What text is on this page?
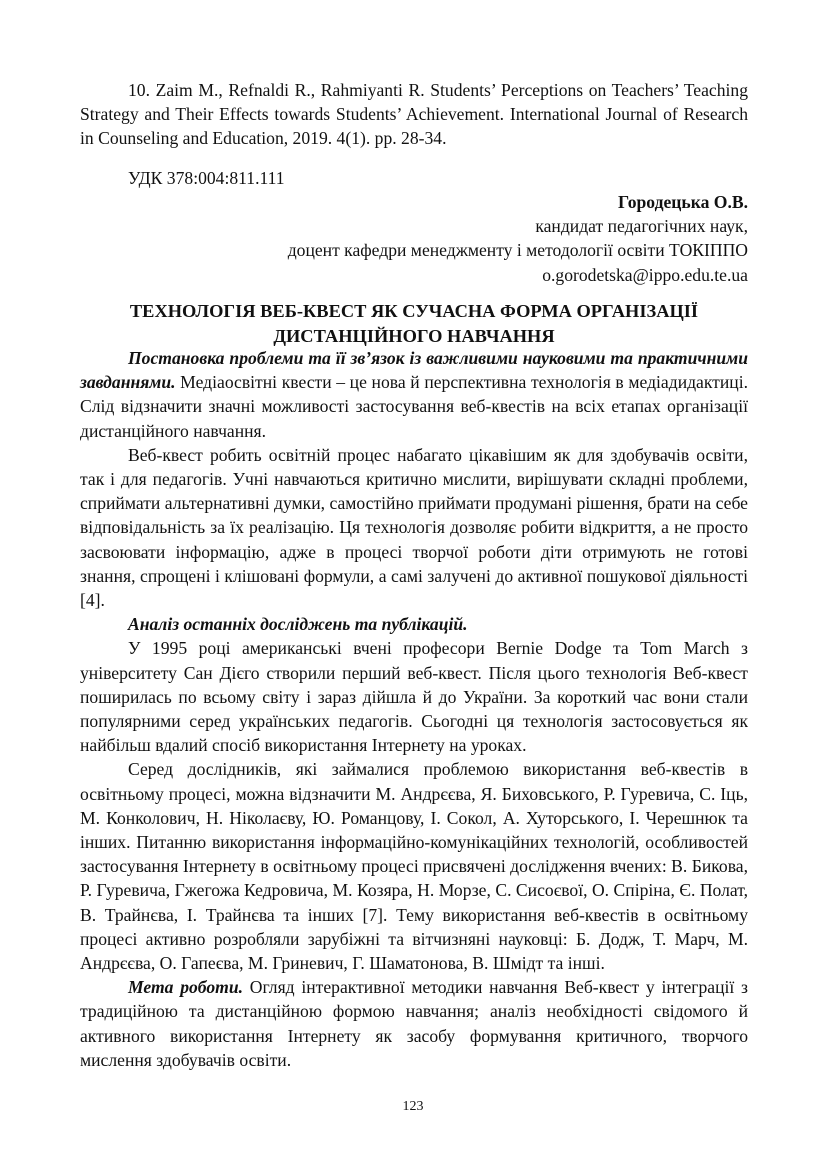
10. Zaim M., Refnaldi R., Rahmiyanti R. Students’ Perceptions on Teachers’ Teaching Strategy and Their Effects towards Students’ Achievement. International Journal of Research in Counseling and Education, 2019. 4(1). pp. 28-34.

УДК 378:004:811.111

Городецька О.В.
кандидат педагогічних наук,
доцент кафедри менеджменту і методології освіти ТОКІППО
o.gorodetska@ippo.edu.te.ua
ТЕХНОЛОГІЯ ВЕБ-КВЕСТ ЯК СУЧАСНА ФОРМА ОРГАНІЗАЦІЇ
ДИСТАНЦІЙНОГО НАВЧАННЯ

Постановка проблеми та її зв’язок із важливими науковими та практичними завданнями. Медіаосвітні квести – це нова й перспективна технологія в медіадидактиці. Слід відзначити значні можливості застосування веб-квестів на всіх етапах організації дистанційного навчання.

Веб-квест робить освітній процес набагато цікавішим як для здобувачів освіти, так і для педагогів. Учні навчаються критично мислити, вирішувати складні проблеми, сприймати альтернативні думки, самостійно приймати продумані рішення, брати на себе відповідальність за їх реалізацію. Ця технологія дозволяє робити відкриття, а не просто засвоювати інформацію, адже в процесі творчої роботи діти отримують не готові знання, спрощені і клішовані формули, а самі залучені до активної пошукової діяльності [4].

Аналіз останніх досліджень та публікацій.

У 1995 році американські вчені професори Bernie Dodge та Tom March з університету Сан Дієго створили перший веб-квест. Після цього технологія Веб-квест поширилась по всьому світу і зараз дійшла й до України. За короткий час вони стали популярними серед українських педагогів. Сьогодні ця технологія застосовується як найбільш вдалий спосіб використання Інтернету на уроках.

Серед дослідників, які займалися проблемою використання веб-квестів в освітньому процесі, можна відзначити М. Андрєєва, Я. Биховського, Р. Гуревича, С. Іць, М. Конколович, Н. Ніколаєву, Ю. Романцову, І. Сокол, А. Хуторського, І. Черешнюк та інших. Питанню використання інформаційно-комунікаційних технологій, особливостей застосування Інтернету в освітньому процесі присвячені дослідження вчених: В. Бикова, Р. Гуревича, Гжегожа Кедровича, М. Козяра, Н. Морзе, С. Сисоєвої, О. Спіріна, Є. Полат, В. Трайнєва, І. Трайнєва та інших [7]. Тему використання веб-квестів в освітньому процесі активно розробляли зарубіжні та вітчизняні науковці: Б. Додж, Т. Марч, М. Андрєєва, О. Гапеєва, М. Гриневич, Г. Шаматонова, В. Шмідт та інші.

Мета роботи. Огляд інтерактивної методики навчання Веб-квест у інтеграції з традиційною та дистанційною формою навчання; аналіз необхідності свідомого й активного використання Інтернету як засобу формування критичного, творчого мислення здобувачів освіти.

123
